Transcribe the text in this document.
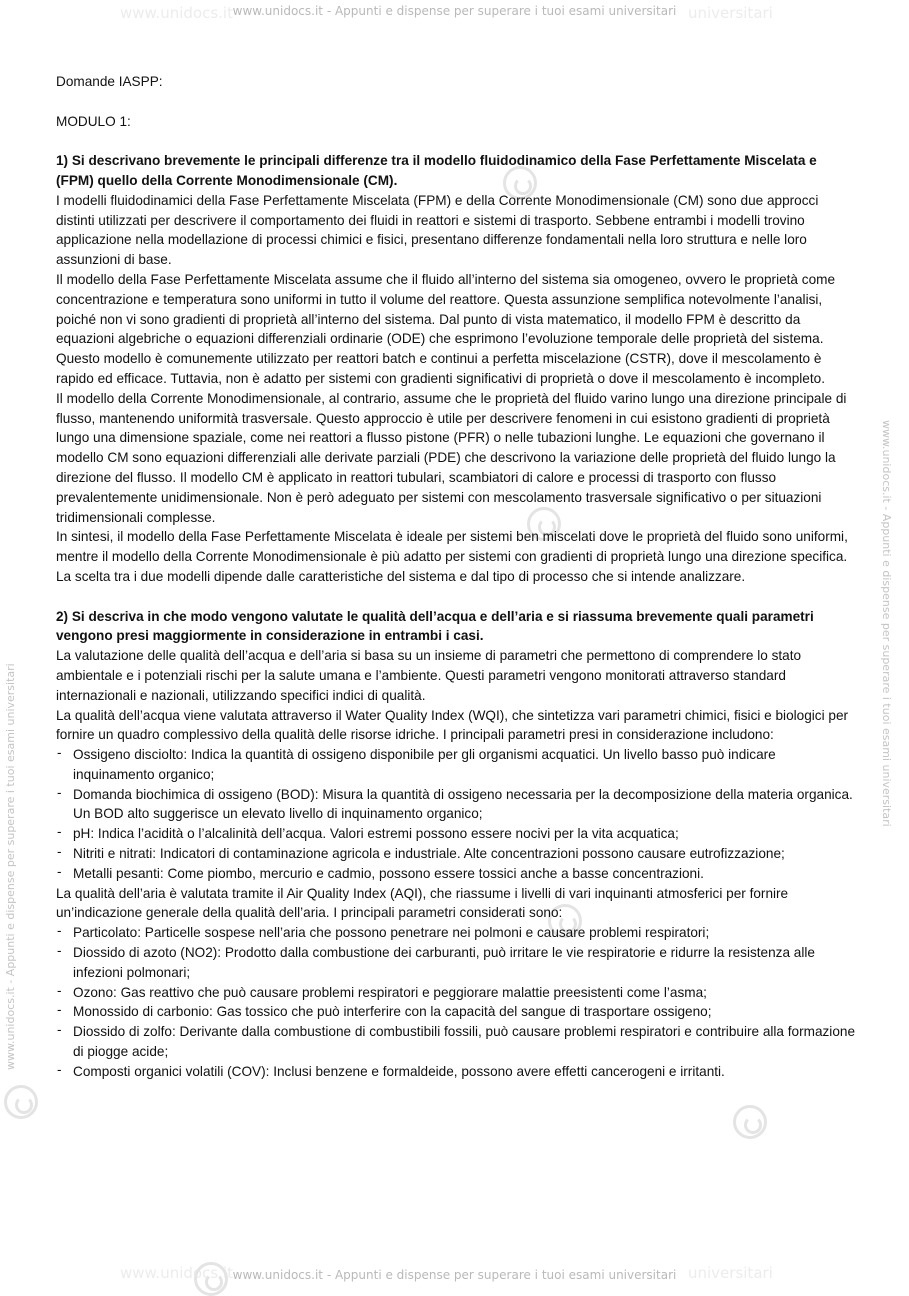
www.unidocs.it	universitari
www.unidocs.it - Appunti e dispense per superare i tuoi esami universitari
www.unidocs.it	universitari
www.unidocs.it - Appunti e dispense per superare i tuoi esami universitari
www.unidocs.it - Appunti e dispense per superare i tuoi esami universitari
www.unidocs.it - Appunti e dispense per superare i tuoi esami universitari

Domande IASPP:

MODULO 1:

1) Si descrivano brevemente le principali differenze tra il modello fluidodinamico della Fase Perfettamente Miscelata e (FPM) quello della Corrente Monodimensionale (CM).

I modelli fluidodinamici della Fase Perfettamente Miscelata (FPM) e della Corrente Monodimensionale (CM) sono due approcci distinti utilizzati per descrivere il comportamento dei fluidi in reattori e sistemi di trasporto. Sebbene entrambi i modelli trovino applicazione nella modellazione di processi chimici e fisici, presentano differenze fondamentali nella loro struttura e nelle loro assunzioni di base.

Il modello della Fase Perfettamente Miscelata assume che il fluido all’interno del sistema sia omogeneo, ovvero le proprietà come concentrazione e temperatura sono uniformi in tutto il volume del reattore. Questa assunzione semplifica notevolmente l’analisi, poiché non vi sono gradienti di proprietà all’interno del sistema. Dal punto di vista matematico, il modello FPM è descritto da equazioni algebriche o equazioni differenziali ordinarie (ODE) che esprimono l’evoluzione temporale delle proprietà del sistema. Questo modello è comunemente utilizzato per reattori batch e continui a perfetta miscelazione (CSTR), dove il mescolamento è rapido ed efficace. Tuttavia, non è adatto per sistemi con gradienti significativi di proprietà o dove il mescolamento è incompleto.

Il modello della Corrente Monodimensionale, al contrario, assume che le proprietà del fluido varino lungo una direzione principale di flusso, mantenendo uniformità trasversale. Questo approccio è utile per descrivere fenomeni in cui esistono gradienti di proprietà lungo una dimensione spaziale, come nei reattori a flusso pistone (PFR) o nelle tubazioni lunghe. Le equazioni che governano il modello CM sono equazioni differenziali alle derivate parziali (PDE) che descrivono la variazione delle proprietà del fluido lungo la direzione del flusso. Il modello CM è applicato in reattori tubulari, scambiatori di calore e processi di trasporto con flusso prevalentemente unidimensionale. Non è però adeguato per sistemi con mescolamento trasversale significativo o per situazioni tridimensionali complesse.

In sintesi, il modello della Fase Perfettamente Miscelata è ideale per sistemi ben miscelati dove le proprietà del fluido sono uniformi, mentre il modello della Corrente Monodimensionale è più adatto per sistemi con gradienti di proprietà lungo una direzione specifica. La scelta tra i due modelli dipende dalle caratteristiche del sistema e dal tipo di processo che si intende analizzare.

2) Si descriva in che modo vengono valutate le qualità dell’acqua e dell’aria e si riassuma brevemente quali parametri vengono presi maggiormente in considerazione in entrambi i casi.

La valutazione delle qualità dell’acqua e dell’aria si basa su un insieme di parametri che permettono di comprendere lo stato ambientale e i potenziali rischi per la salute umana e l’ambiente. Questi parametri vengono monitorati attraverso standard internazionali e nazionali, utilizzando specifici indici di qualità.

La qualità dell’acqua viene valutata attraverso il Water Quality Index (WQI), che sintetizza vari parametri chimici, fisici e biologici per fornire un quadro complessivo della qualità delle risorse idriche. I principali parametri presi in considerazione includono:

- Ossigeno disciolto: Indica la quantità di ossigeno disponibile per gli organismi acquatici. Un livello basso può indicare inquinamento organico;
- Domanda biochimica di ossigeno (BOD): Misura la quantità di ossigeno necessaria per la decomposizione della materia organica. Un BOD alto suggerisce un elevato livello di inquinamento organico;
- pH: Indica l’acidità o l’alcalinità dell’acqua. Valori estremi possono essere nocivi per la vita acquatica;
- Nitriti e nitrati: Indicatori di contaminazione agricola e industriale. Alte concentrazioni possono causare eutrofizzazione;
- Metalli pesanti: Come piombo, mercurio e cadmio, possono essere tossici anche a basse concentrazioni.

La qualità dell’aria è valutata tramite il Air Quality Index (AQI), che riassume i livelli di vari inquinanti atmosferici per fornire un’indicazione generale della qualità dell’aria. I principali parametri considerati sono:

- Particolato: Particelle sospese nell’aria che possono penetrare nei polmoni e causare problemi respiratori;
- Diossido di azoto (NO2): Prodotto dalla combustione dei carburanti, può irritare le vie respiratorie e ridurre la resistenza alle infezioni polmonari;
- Ozono: Gas reattivo che può causare problemi respiratori e peggiorare malattie preesistenti come l’asma;
- Monossido di carbonio: Gas tossico che può interferire con la capacità del sangue di trasportare ossigeno;
- Diossido di zolfo: Derivante dalla combustione di combustibili fossili, può causare problemi respiratori e contribuire alla formazione di piogge acide;
- Composti organici volatili (COV): Inclusi benzene e formaldeide, possono avere effetti cancerogeni e irritanti.
